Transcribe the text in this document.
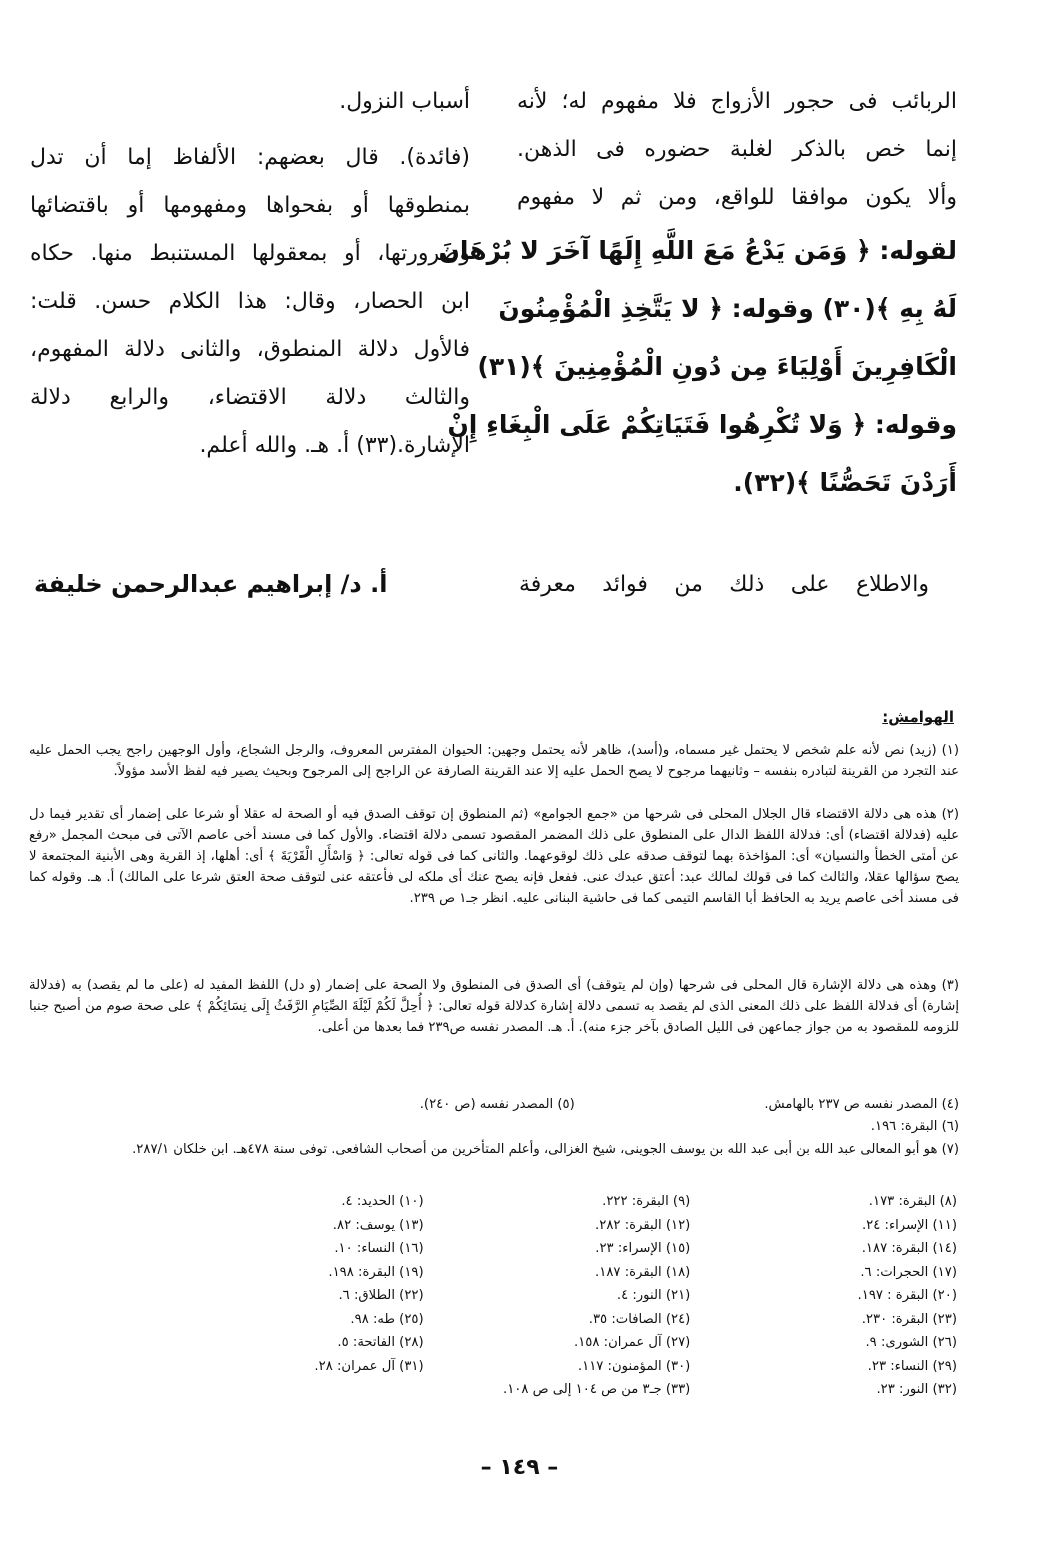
الربائب فى حجور الأزواج فلا مفهوم له؛ لأنه
إنما خص بالذكر لغلبة حضوره فى الذهن.
وألا يكون موافقا للواقع، ومن ثم لا مفهوم
لقوله: ﴿ وَمَن يَدْعُ مَعَ اللَّهِ إِلَهًا آخَرَ لا بُرْهَانَ
لَهُ بِهِ ﴾(٣٠) وقوله: ﴿ لا يَتَّخِذِ الْمُؤْمِنُونَ
الْكَافِرِينَ أَوْلِيَاءَ مِن دُونِ الْمُؤْمِنِينَ ﴾(٣١)
وقوله: ﴿ وَلا تُكْرِهُوا فَتَيَاتِكُمْ عَلَى الْبِغَاءِ إِنْ
أَرَدْنَ تَحَصُّنًا ﴾(٣٢).
والاطلاع على ذلك من فوائد معرفة
أسباب النزول.
(فائدة). قال بعضهم: الألفاظ إما أن تدل
بمنطوقها أو بفحواها ومفهومها أو باقتضائها
وضرورتها، أو بمعقولها المستنبط منها. حكاه
ابن الحصار، وقال: هذا الكلام حسن. قلت:
فالأول دلالة المنطوق، والثانى دلالة المفهوم،
والثالث دلالة الاقتضاء، والرابع دلالة
الإشارة.(٣٣) أ. هـ. والله أعلم.
أ. د/ إبراهيم عبدالرحمن خليفة
الهوامش:
(١) (زيد) نص لأنه علم شخص لا يحتمل غير مسماه، و(أسد)، ظاهر لأنه يحتمل وجهين: الحيوان المفترس المعروف، والرجل الشجاع، وأول الوجهين راجح يجب الحمل عليه عند التجرد من القرينة لتبادره بنفسه – وثانيهما مرجوح لا يصح الحمل عليه إلا عند القرينة الصارفة عن الراجح إلى المرجوح وبحيث يصير فيه لفظ الأسد مؤولاً.
(٢) هذه هى دلالة الاقتضاء قال الجلال المحلى فى شرحها من «جمع الجوامع» (ثم المنطوق إن توقف الصدق فيه أو الصحة له عقلا أو شرعا على إضمار أى تقدير فيما دل عليه (فدلالة اقتضاء) أى: فدلالة اللفظ الدال على المنطوق على ذلك المضمر المقصود تسمى دلالة اقتضاء. والأول كما فى مسند أخى عاصم الآتى فى مبحث المجمل «رفع عن أمتى الخطأ والنسيان» أى: المؤاخذة بهما لتوقف صدقه على ذلك لوقوعهما. والثانى كما فى قوله تعالى: ﴿ وَاسْأَلِ الْقَرْيَةَ ﴾ أى: أهلها، إذ القرية وهى الأبنية المجتمعة لا يصح سؤالها عقلا، والثالث كما فى قولك لمالك عبد: أعتق عبدك عنى. ففعل فإنه يصح عنك أى ملكه لى فأعتقه عنى لتوقف صحة العتق شرعا على المالك) أ. هـ. وقوله كما فى مسند أخى عاصم يريد به الحافظ أبا القاسم التيمى كما فى حاشية البنانى عليه. انظر جـ١ ص ٢٣٩.
(٣) وهذه هى دلالة الإشارة قال المحلى فى شرحها (وإن لم يتوقف) أى الصدق فى المنطوق ولا الصحة على إضمار (و دل) اللفظ المفيد له (على ما لم يقصد) به (فدلالة إشارة) أى فدلالة اللفظ على ذلك المعنى الذى لم يقصد به تسمى دلالة إشارة كدلالة قوله تعالى: ﴿ أُحِلَّ لَكُمْ لَيْلَةَ الصِّيَامِ الرَّفَثُ إِلَى نِسَائِكُمْ ﴾ على صحة صوم من أصبح جنبا للزومه للمقصود به من جواز جماعهن فى الليل الصادق بآخر جزء منه). أ. هـ. المصدر نفسه ص٢٣٩ فما بعدها من أعلى.
(٤) المصدر نفسه ص ٢٣٧ بالهامش. (٥) المصدر نفسه (ص ٢٤٠).
(٦) البقرة: ١٩٦.
(٧) هو أبو المعالى عبد الله بن أبى عبد الله بن يوسف الجوينى، شيخ الغزالى، وأعلم المتأخرين من أصحاب الشافعى. توفى سنة ٤٧٨هـ. ابن خلكان ٢٨٧/١.
(٨) البقرة: ١٧٣.
(٩) البقرة: ٢٢٢.
(١٠) الحديد: ٤.
(١١) الإسراء: ٢٤.
(١٢) البقرة: ٢٨٢.
(١٣) يوسف: ٨٢.
(١٤) البقرة: ١٨٧.
(١٥) الإسراء: ٢٣.
(١٦) النساء: ١٠.
(١٧) الحجرات: ٦.
(١٨) البقرة: ١٨٧.
(١٩) البقرة: ١٩٨.
(٢٠) البقرة : ١٩٧.
(٢١) النور: ٤.
(٢٢) الطلاق: ٦.
(٢٣) البقرة: ٢٣٠.
(٢٤) الصافات: ٣٥.
(٢٥) طه: ٩٨.
(٢٦) الشورى: ٩.
(٢٧) آل عمران: ١٥٨.
(٢٨) الفاتحة: ٥.
(٢٩) النساء: ٢٣.
(٣٠) المؤمنون: ١١٧.
(٣١) آل عمران: ٢٨.
(٣٢) النور: ٢٣.
(٣٣) جـ٣ من ص ١٠٤ إلى ص ١٠٨.
– ١٤٩ –
